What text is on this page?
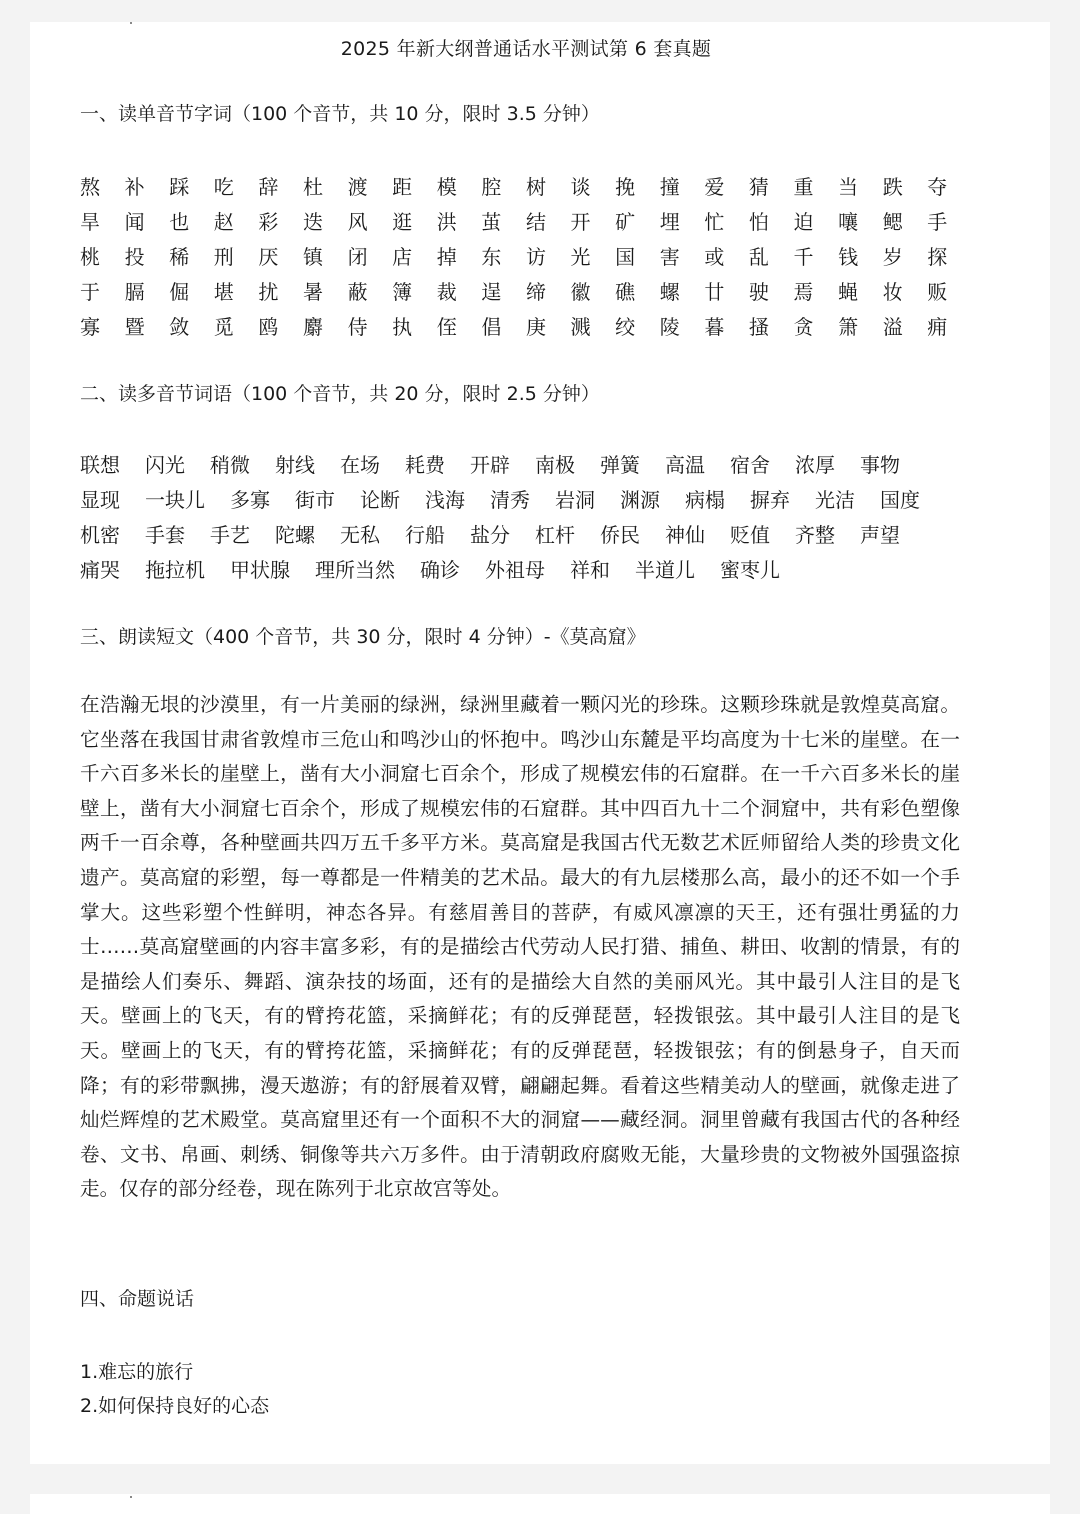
2025 年新大纲普通话水平测试第 6 套真题
一、读单音节字词（100 个音节，共 10 分，限时 3.5 分钟）
熬 补 踩 吃 辞 杜 渡 距 模 腔 树 谈 挽 撞 爱 猜 重 当 跌 夺
旱 闻 也 赵 彩 迭 风 逛 洪 茧 结 开 矿 埋 忙 怕 迫 嚷 鳃 手
桃 投 稀 刑 厌 镇 闭 店 掉 东 访 光 国 害 或 乱 千 钱 岁 探
于 膈 倔 堪 扰 暑 蔽 簿 裁 逞 缔 徽 礁 螺 廿 驶 焉 蝇 妆 贩
寡 暨 敛 觅 鸥 麝 侍 执 侄 倡 庚 溅 绞 陵 暮 搔 贪 箫 溢 痈
二、读多音节词语（100 个音节，共 20 分，限时 2.5 分钟）
联想 闪光 稍微 射线 在场 耗费 开辟 南极 弹簧 高温 宿舍 浓厚 事物
显现 一块儿 多寡 街市 论断 浅海 清秀 岩洞 渊源 病榻 摒弃 光洁 国度
机密 手套 手艺 陀螺 无私 行船 盐分 杠杆 侨民 神仙 贬值 齐整 声望
痛哭 拖拉机 甲状腺 理所当然 确诊 外祖母 祥和 半道儿 蜜枣儿
三、朗读短文（400 个音节，共 30 分，限时 4 分钟）-《莫高窟》

在浩瀚无垠的沙漠里，有一片美丽的绿洲，绿洲里藏着一颗闪光的珍珠。这颗珍珠就是敦煌莫高窟。它坐落在我国甘肃省敦煌市三危山和鸣沙山的怀抱中。鸣沙山东麓是平均高度为十七米的崖壁。在一千六百多米长的崖壁上，凿有大小洞窟七百余个，形成了规模宏伟的石窟群。在一千六百多米长的崖壁上，凿有大小洞窟七百余个，形成了规模宏伟的石窟群。其中四百九十二个洞窟中，共有彩色塑像两千一百余尊，各种壁画共四万五千多平方米。莫高窟是我国古代无数艺术匠师留给人类的珍贵文化遗产。莫高窟的彩塑，每一尊都是一件精美的艺术品。最大的有九层楼那么高，最小的还不如一个手掌大。这些彩塑个性鲜明，神态各异。有慈眉善目的菩萨，有威风凛凛的天王，还有强壮勇猛的力士……莫高窟壁画的内容丰富多彩，有的是描绘古代劳动人民打猎、捕鱼、耕田、收割的情景，有的是描绘人们奏乐、舞蹈、演杂技的场面，还有的是描绘大自然的美丽风光。其中最引人注目的是飞天。壁画上的飞天，有的臂挎花篮，采摘鲜花；有的反弹琵琶，轻拨银弦。其中最引人注目的是飞天。壁画上的飞天，有的臂挎花篮，采摘鲜花；有的反弹琵琶，轻拨银弦；有的倒悬身子，自天而降；有的彩带飘拂，漫天遨游；有的舒展着双臂，翩翩起舞。看着这些精美动人的壁画，就像走进了灿烂辉煌的艺术殿堂。莫高窟里还有一个面积不大的洞窟——藏经洞。洞里曾藏有我国古代的各种经卷、文书、帛画、刺绣、铜像等共六万多件。由于清朝政府腐败无能，大量珍贵的文物被外国强盗掠走。仅存的部分经卷，现在陈列于北京故宫等处。

四、命题说话

1.难忘的旅行

2.如何保持良好的心态
